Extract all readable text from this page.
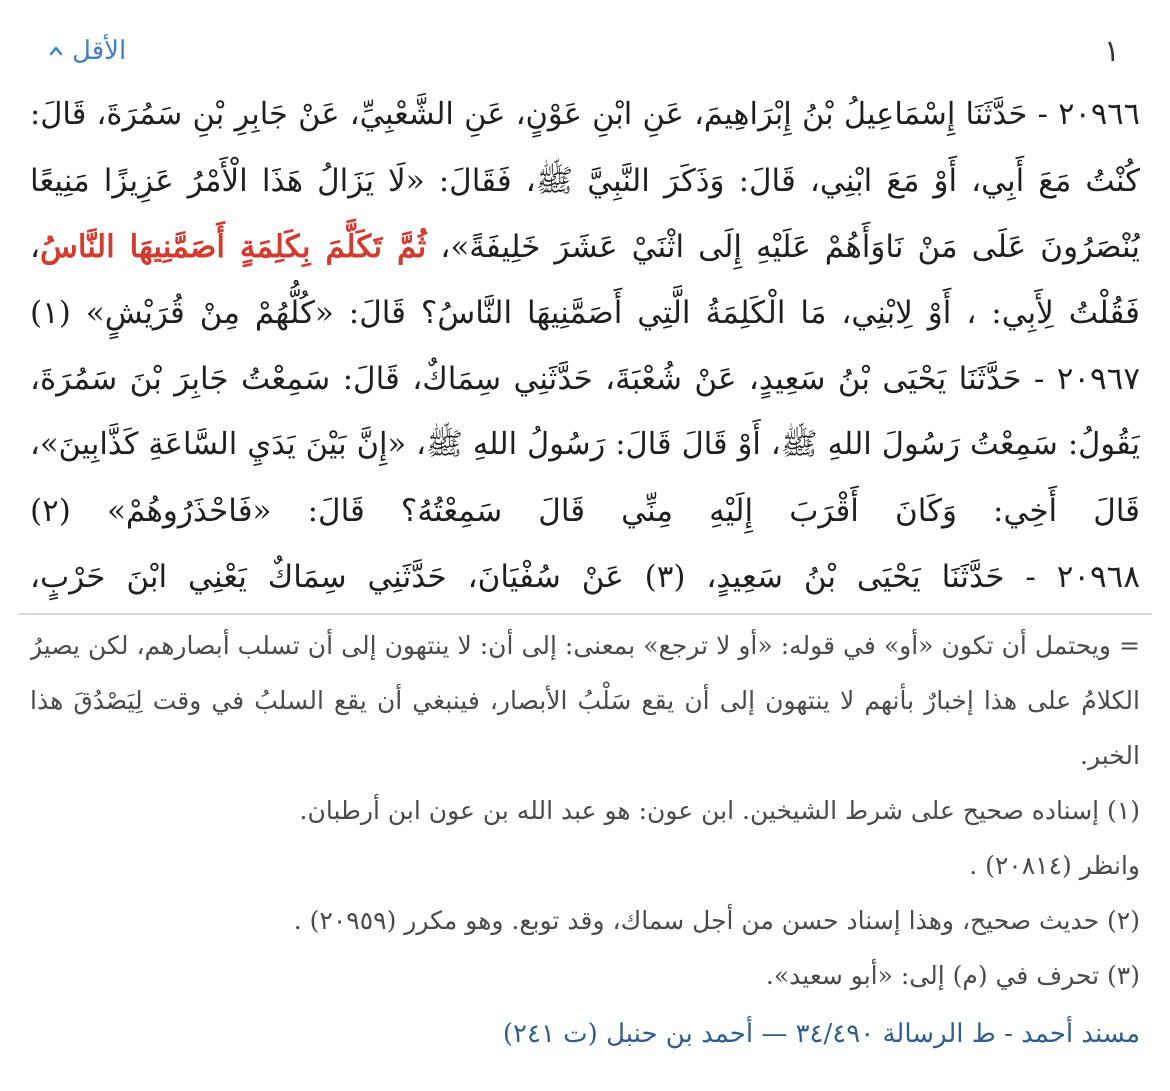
١
الأقل
٢٠٩٦٦ - حَدَّثَنَا إِسْمَاعِيلُ بْنُ إِبْرَاهِيمَ، عَنِ ابْنِ عَوْنٍ، عَنِ الشَّعْبِيِّ، عَنْ جَابِرِ بْنِ سَمُرَةَ، قَالَ:
كُنْتُ مَعَ أَبِي، أَوْ مَعَ ابْنِي، قَالَ: وَذَكَرَ النَّبِيَّ ﷺ، فَقَالَ: «لَا يَزَالُ هَذَا الْأَمْرُ عَزِيزًا مَنِيعًا
يُنْصَرُونَ عَلَى مَنْ نَاوَأَهُمْ عَلَيْهِ إِلَى اثْنَيْ عَشَرَ خَلِيفَةً»، ثُمَّ تَكَلَّمَ بِكَلِمَةٍ أَصَمَّنِيهَا النَّاسُ،
فَقُلْتُ لِأَبِي: ، أَوْ لِابْنِي، مَا الْكَلِمَةُ الَّتِي أَصَمَّنِيهَا النَّاسُ؟ قَالَ: «كُلُّهُمْ مِنْ قُرَيْشٍ» (١)
٢٠٩٦٧ - حَدَّثَنَا يَحْيَى بْنُ سَعِيدٍ، عَنْ شُعْبَةَ، حَدَّثَنِي سِمَاكٌ، قَالَ: سَمِعْتُ جَابِرَ بْنَ سَمُرَةَ،
يَقُولُ: سَمِعْتُ رَسُولَ اللهِ ﷺ، أَوْ قَالَ قَالَ: رَسُولُ اللهِ ﷺ، «إِنَّ بَيْنَ يَدَيِ السَّاعَةِ كَذَّابِينَ»،
قَالَ أَخِي: وَكَانَ أَقْرَبَ إِلَيْهِ مِنِّي قَالَ سَمِعْتُهُ؟ قَالَ: «فَاحْذَرُوهُمْ» (٢)
٢٠٩٦٨ - حَدَّثَنَا يَحْيَى بْنُ سَعِيدٍ، (٣) عَنْ سُفْيَانَ، حَدَّثَنِي سِمَاكٌ يَعْنِي ابْنَ حَرْبٍ،
= ويحتمل أن تكون «أو» في قوله: «أو لا ترجع» بمعنى: إلى أن: لا ينتهون إلى أن تسلب أبصارهم، لكن يصيرُ
الكلامُ على هذا إخبارٌ بأنهم لا ينتهون إلى أن يقع سَلْبُ الأبصار، فينبغي أن يقع السلبُ في وقت لِيَصْدُقَ هذا
الخبر.
(١) إسناده صحيح على شرط الشيخين. ابن عون: هو عبد الله بن عون ابن أرطبان.
وانظر (٢٠٨١٤) .
(٢) حديث صحيح، وهذا إسناد حسن من أجل سماك، وقد توبع. وهو مكرر (٢٠٩٥٩) .
(٣) تحرف في (م) إلى: «أبو سعيد».
مسند أحمد - ط الرسالة ٣٤/٤٩٠ — أحمد بن حنبل (ت ٢٤١)
